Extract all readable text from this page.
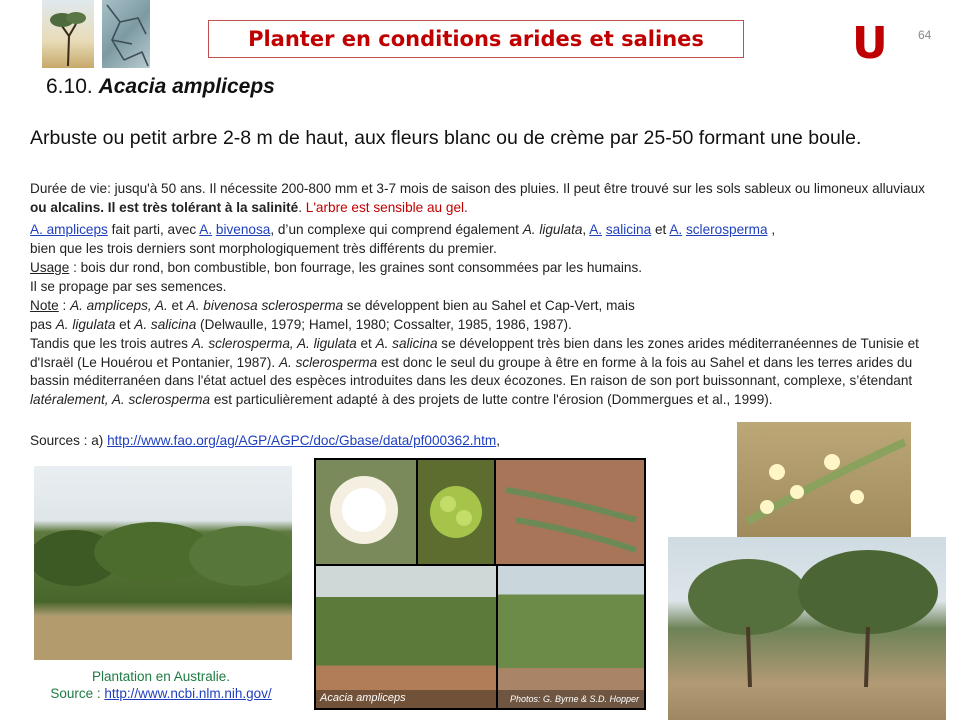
Planter en conditions arides et salines	U	64
6.10. Acacia ampliceps
Arbuste ou petit arbre 2-8 m de haut, aux fleurs blanc ou de crème par 25-50 formant une boule.
Durée de vie: jusqu'à 50 ans. Il nécessite 200-800 mm et 3-7 mois de saison des pluies. Il peut être trouvé sur les sols sableux ou limoneux alluviaux ou alcalins. Il est très tolérant à la salinité. L'arbre est sensible au gel.
A. ampliceps fait parti, avec A. bivenosa, d’un complexe qui comprend également A. ligulata, A. salicina et A. sclerosperma ,
bien que les trois derniers sont morphologiquement très différents du premier.
Usage : bois dur rond, bon combustible, bon fourrage, les graines sont consommées par les humains.
Il se propage par ses semences.
Note : A. ampliceps, A. et A. bivenosa sclerosperma se développent bien au Sahel et Cap-Vert, mais
pas A. ligulata et A. salicina (Delwaulle, 1979; Hamel, 1980; Cossalter, 1985, 1986, 1987).
Tandis que les trois autres A. sclerosperma, A. ligulata et A. salicina se développent très bien dans les zones arides méditerranéennes de Tunisie et d'Israël (Le Houérou et Pontanier, 1987). A. sclerosperma est donc le seul du groupe à être en forme à la fois au Sahel et dans les terres arides du bassin méditerranéen dans l'état actuel des espèces introduites dans les deux écozones. En raison de son port buissonnant, complexe, s’étendant latéralement, A. sclerosperma est particulièrement adapté à des projets de lutte contre l'érosion (Dommergues et al., 1999).
Sources : a) http://www.fao.org/ag/AGP/AGPC/doc/Gbase/data/pf000362.htm,
Plantation en Australie.
Source : http://www.ncbi.nlm.nih.gov/	Acacia ampliceps	Photos: G. Byrne & S.D. Hopper
